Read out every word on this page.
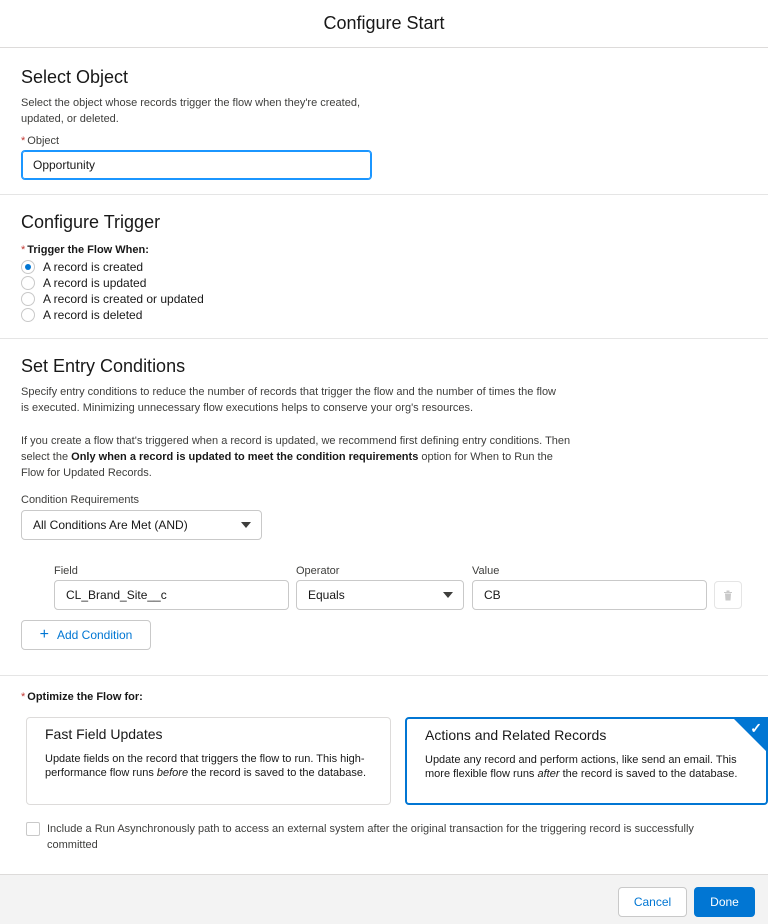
Configure Start
Select Object
Select the object whose records trigger the flow when they're created, updated, or deleted.
* Object
Opportunity
Configure Trigger
* Trigger the Flow When:
A record is created
A record is updated
A record is created or updated
A record is deleted
Set Entry Conditions
Specify entry conditions to reduce the number of records that trigger the flow and the number of times the flow is executed. Minimizing unnecessary flow executions helps to conserve your org's resources.
If you create a flow that's triggered when a record is updated, we recommend first defining entry conditions. Then select the Only when a record is updated to meet the condition requirements option for When to Run the Flow for Updated Records.
Condition Requirements
All Conditions Are Met (AND)
Field	Operator	Value
CL_Brand_Site__c	Equals	CB
+ Add Condition
* Optimize the Flow for:
Fast Field Updates
Update fields on the record that triggers the flow to run. This high-performance flow runs before the record is saved to the database.
Actions and Related Records
Update any record and perform actions, like send an email. This more flexible flow runs after the record is saved to the database.
✓
Include a Run Asynchronously path to access an external system after the original transaction for the triggering record is successfully committed
Cancel	Done
